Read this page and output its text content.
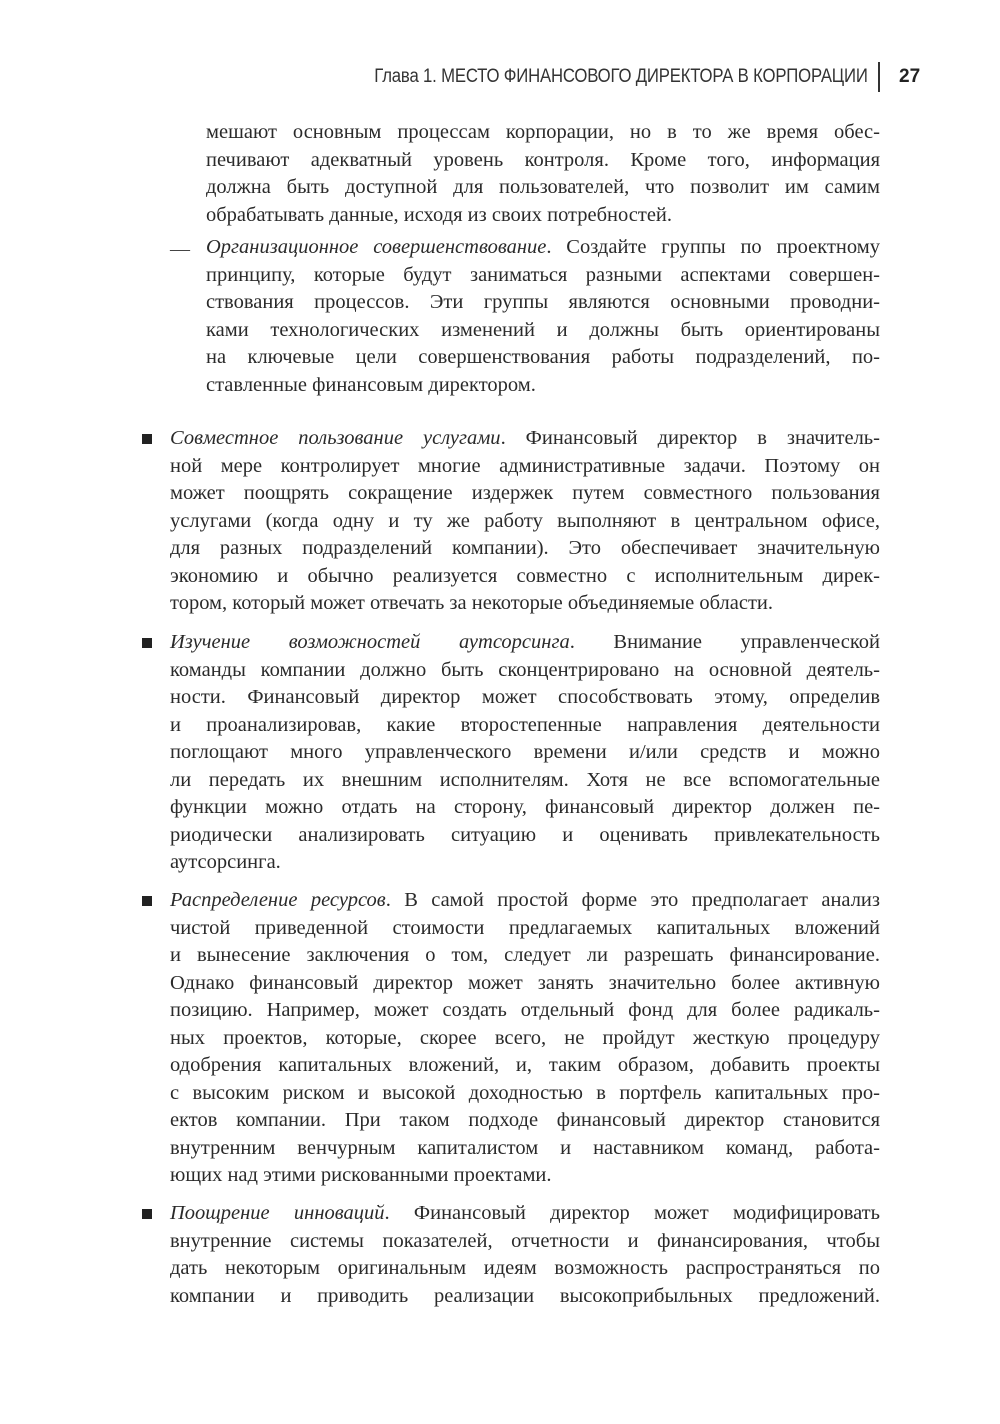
Глава 1. МЕСТО ФИНАНСОВОГО ДИРЕКТОРА В КОРПОРАЦИИ 27
мешают основным процессам корпорации, но в то же время обес-
печивают адекватный уровень контроля. Кроме того, информация
должна быть доступной для пользователей, что позволит им самим
обрабатывать данные, исходя из своих потребностей.
— Организационное совершенствование. Создайте группы по проектному
принципу, которые будут заниматься разными аспектами совершен-
ствования процессов. Эти группы являются основными проводни-
ками технологических изменений и должны быть ориентированы
на ключевые цели совершенствования работы подразделений, по-
ставленные финансовым директором.
Совместное пользование услугами. Финансовый директор в значитель-
ной мере контролирует многие административные задачи. Поэтому он
может поощрять сокращение издержек путем совместного пользования
услугами (когда одну и ту же работу выполняют в центральном офисе,
для разных подразделений компании). Это обеспечивает значительную
экономию и обычно реализуется совместно с исполнительным дирек-
тором, который может отвечать за некоторые объединяемые области.
Изучение возможностей аутсорсинга. Внимание управленческой
команды компании должно быть сконцентрировано на основной деятель-
ности. Финансовый директор может способствовать этому, определив
и проанализировав, какие второстепенные направления деятельности
поглощают много управленческого времени и/или средств и можно
ли передать их внешним исполнителям. Хотя не все вспомогательные
функции можно отдать на сторону, финансовый директор должен пе-
риодически анализировать ситуацию и оценивать привлекательность
аутсорсинга.
Распределение ресурсов. В самой простой форме это предполагает анализ
чистой приведенной стоимости предлагаемых капитальных вложений
и вынесение заключения о том, следует ли разрешать финансирование.
Однако финансовый директор может занять значительно более активную
позицию. Например, может создать отдельный фонд для более радикаль-
ных проектов, которые, скорее всего, не пройдут жесткую процедуру
одобрения капитальных вложений, и, таким образом, добавить проекты
с высоким риском и высокой доходностью в портфель капитальных про-
ектов компании. При таком подходе финансовый директор становится
внутренним венчурным капиталистом и наставником команд, работа-
ющих над этими рискованными проектами.
Поощрение инноваций. Финансовый директор может модифицировать
внутренние системы показателей, отчетности и финансирования, чтобы
дать некоторым оригинальным идеям возможность распространяться по
компании и приводить реализации высокоприбыльных предложений.
